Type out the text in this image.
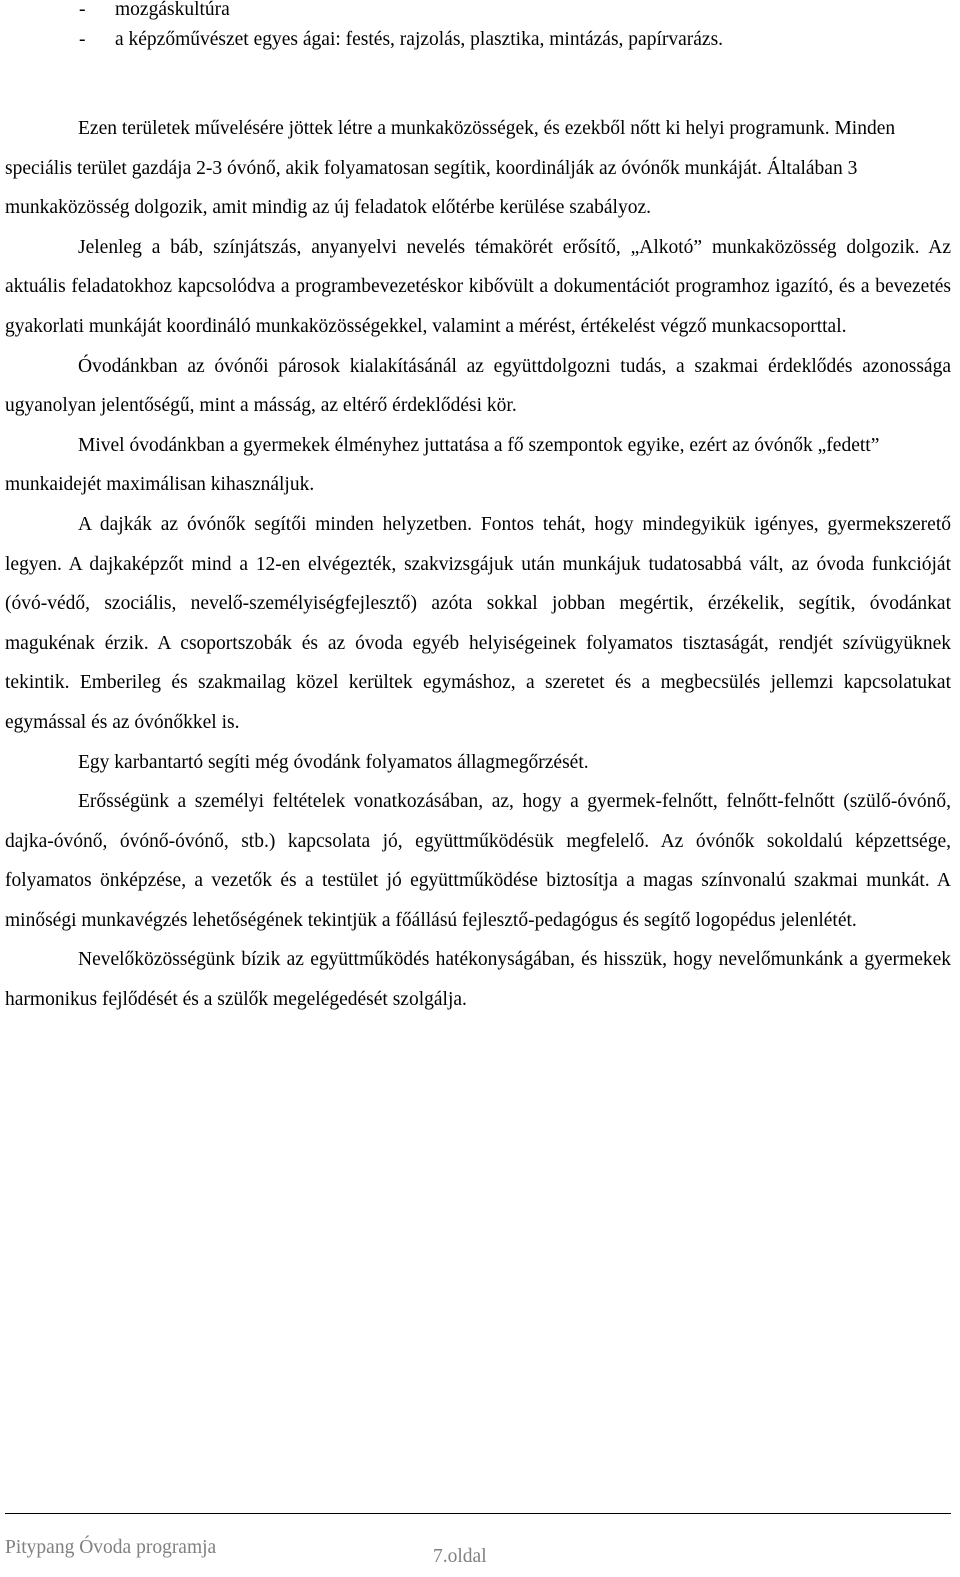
- mozgáskultúra
- a képzőművészet egyes ágai: festés, rajzolás, plasztika, mintázás, papírvarázs.

Ezen területek művelésére jöttek létre a munkaközösségek, és ezekből nőtt ki helyi programunk. Minden speciális terület gazdája 2-3 óvónő, akik folyamatosan segítik, koordinálják az óvónők munkáját. Általában 3 munkaközösség dolgozik, amit mindig az új feladatok előtérbe kerülése szabályoz.

Jelenleg a báb, színjátszás, anyanyelvi nevelés témakörét erősítő, „Alkotó” munkaközösség dolgozik. Az aktuális feladatokhoz kapcsolódva a programbevezetéskor kibővült a dokumentációt programhoz igazító, és a bevezetés gyakorlati munkáját koordináló munkaközösségekkel, valamint a mérést, értékelést végző munkacsoporttal.

Óvodánkban az óvónői párosok kialakításánál az együttdolgozni tudás, a szakmai érdeklődés azonossága ugyanolyan jelentőségű, mint a másság, az eltérő érdeklődési kör.

Mivel óvodánkban a gyermekek élményhez juttatása a fő szempontok egyike, ezért az óvónők „fedett” munkaidejét maximálisan kihasználjuk.

A dajkák az óvónők segítői minden helyzetben. Fontos tehát, hogy mindegyikük igényes, gyermekszerető legyen. A dajkaképzőt mind a 12-en elvégezték, szakvizsgájuk után munkájuk tudatosabbá vált, az óvoda funkcióját (óvó-védő, szociális, nevelő-személyiségfejlesztő) azóta sokkal jobban megértik, érzékelik, segítik, óvodánkat magukénak érzik. A csoportszobák és az óvoda egyéb helyiségeinek folyamatos tisztaságát, rendjét szívügyüknek tekintik. Emberileg és szakmailag közel kerültek egymáshoz, a szeretet és a megbecsülés jellemzi kapcsolatukat egymással és az óvónőkkel is.

Egy karbantartó segíti még óvodánk folyamatos állagmegőrzését.

Erősségünk a személyi feltételek vonatkozásában, az, hogy a gyermek-felnőtt, felnőtt-felnőtt (szülő-óvónő, dajka-óvónő, óvónő-óvónő, stb.) kapcsolata jó, együttműködésük megfelelő. Az óvónők sokoldalú képzettsége, folyamatos önképzése, a vezetők és a testület jó együttműködése biztosítja a magas színvonalú szakmai munkát. A minőségi munkavégzés lehetőségének tekintjük a főállású fejlesztő-pedagógus és segítő logopédus jelenlétét.

Nevelőközösségünk bízik az együttműködés hatékonyságában, és hisszük, hogy nevelőmunkánk a gyermekek harmonikus fejlődését és a szülők megelégedését szolgálja.

Pitypang Óvoda programja	7.oldal
